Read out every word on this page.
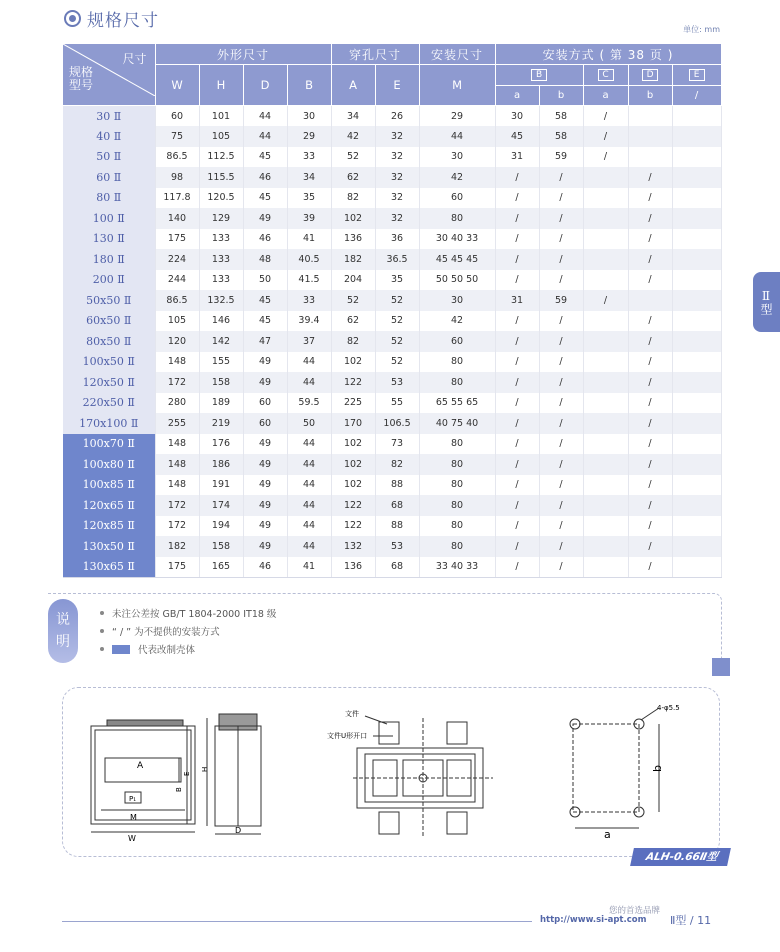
规格尺寸	单位: mm
尺寸
规格
型号	外形尺寸				穿孔尺寸		安装尺寸	安装方式 ( 第 38 页 )				
	W	H	D	B	A	E	M	B		C	D	E
								a	b	a	b	/
30 Ⅱ	60	101	44	30	34	26	29	30	58	/		
40 Ⅱ	75	105	44	29	42	32	44	45	58	/		
50 Ⅱ	86.5	112.5	45	33	52	32	30	31	59	/		
60 Ⅱ	98	115.5	46	34	62	32	42	/	/		/	
80 Ⅱ	117.8	120.5	45	35	82	32	60	/	/		/	
100 Ⅱ	140	129	49	39	102	32	80	/	/		/	
130 Ⅱ	175	133	46	41	136	36	30 40 33	/	/		/	
180 Ⅱ	224	133	48	40.5	182	36.5	45 45 45	/	/		/	
200 Ⅱ	244	133	50	41.5	204	35	50 50 50	/	/		/	
50x50 Ⅱ	86.5	132.5	45	33	52	52	30	31	59	/		
60x50 Ⅱ	105	146	45	39.4	62	52	42	/	/		/	
80x50 Ⅱ	120	142	47	37	82	52	60	/	/		/	
100x50 Ⅱ	148	155	49	44	102	52	80	/	/		/	
120x50 Ⅱ	172	158	49	44	122	53	80	/	/		/	
220x50 Ⅱ	280	189	60	59.5	225	55	65 55 65	/	/		/	
170x100 Ⅱ	255	219	60	50	170	106.5	40 75 40	/	/		/	
100x70 Ⅱ	148	176	49	44	102	73	80	/	/		/	
100x80 Ⅱ	148	186	49	44	102	82	80	/	/		/	
100x85 Ⅱ	148	191	49	44	102	88	80	/	/		/	
120x65 Ⅱ	172	174	49	44	122	68	80	/	/		/	
120x85 Ⅱ	172	194	49	44	122	88	80	/	/		/	
130x50 Ⅱ	182	158	49	44	132	53	80	/	/		/	
130x65 Ⅱ	175	165	46	41	136	68	33 40 33	/	/		/	
说
明
未注公差按 GB/T 1804-2000 IT18 级
“ / ” 为不提供的安装方式
代表改制壳体
A
P₁
M
W
B
E
H
D
文件
文件U形开口
4-φ5.5
a
b
ALH-0.66Ⅱ型
Ⅱ型
您的首选品牌
http://www.si-apt.com Ⅱ型 / 11
